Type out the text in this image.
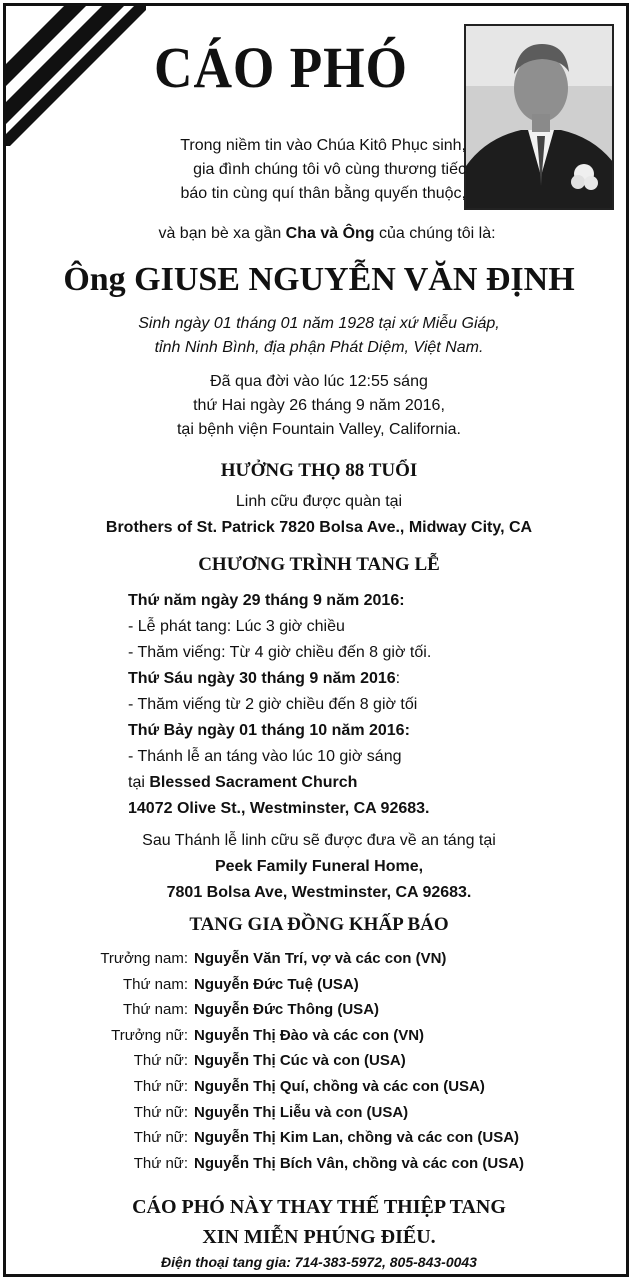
CÁO PHÓ
Trong niềm tin vào Chúa Kitô Phục sinh,
gia đình chúng tôi vô cùng thương tiếc
báo tin cùng quí thân bằng quyến thuộc,
và bạn bè xa gần Cha và Ông của chúng tôi là:
Ông GIUSE NGUYỄN VĂN ĐỊNH
Sinh ngày 01 tháng 01 năm 1928 tại xứ Miễu Giáp,
tỉnh Ninh Bình, địa phận Phát Diệm, Việt Nam.
Đã qua đời vào lúc 12:55 sáng
thứ Hai ngày 26 tháng 9 năm 2016,
tại bệnh viện Fountain Valley, California.
HƯỞNG THỌ 88 TUỔI
Linh cữu được quàn tại
Brothers of St. Patrick 7820 Bolsa Ave., Midway City, CA
CHƯƠNG TRÌNH TANG LỄ
Thứ năm ngày 29 tháng 9 năm 2016:
- Lễ phát tang: Lúc 3 giờ chiều
- Thăm viếng: Từ 4 giờ chiều đến 8 giờ tối.
Thứ Sáu ngày 30 tháng 9 năm 2016:
- Thăm viếng từ 2 giờ chiều đến 8 giờ tối
Thứ Bảy ngày 01 tháng 10 năm 2016:
- Thánh lễ an táng vào lúc 10 giờ sáng
tại Blessed Sacrament Church
14072 Olive St., Westminster, CA 92683.
Sau Thánh lễ linh cữu sẽ được đưa về an táng tại
Peek Family Funeral Home,
7801 Bolsa Ave, Westminster, CA 92683.
TANG GIA ĐỒNG KHẤP BÁO
Trưởng nam: Nguyễn Văn Trí, vợ và các con (VN)
Thứ nam: Nguyễn Đức Tuệ (USA)
Thứ nam: Nguyễn Đức Thông (USA)
Trưởng nữ: Nguyễn Thị Đào và các con (VN)
Thứ nữ: Nguyễn Thị Cúc và con (USA)
Thứ nữ: Nguyễn Thị Quí, chồng và các con (USA)
Thứ nữ: Nguyễn Thị Liễu và con (USA)
Thứ nữ: Nguyễn Thị Kim Lan, chồng và các con (USA)
Thứ nữ: Nguyễn Thị Bích Vân, chồng và các con (USA)
CÁO PHÓ NÀY THAY THẾ THIỆP TANG
XIN MIỄN PHÚNG ĐIẾU.
Điện thoại tang gia: 714-383-5972, 805-843-0043
